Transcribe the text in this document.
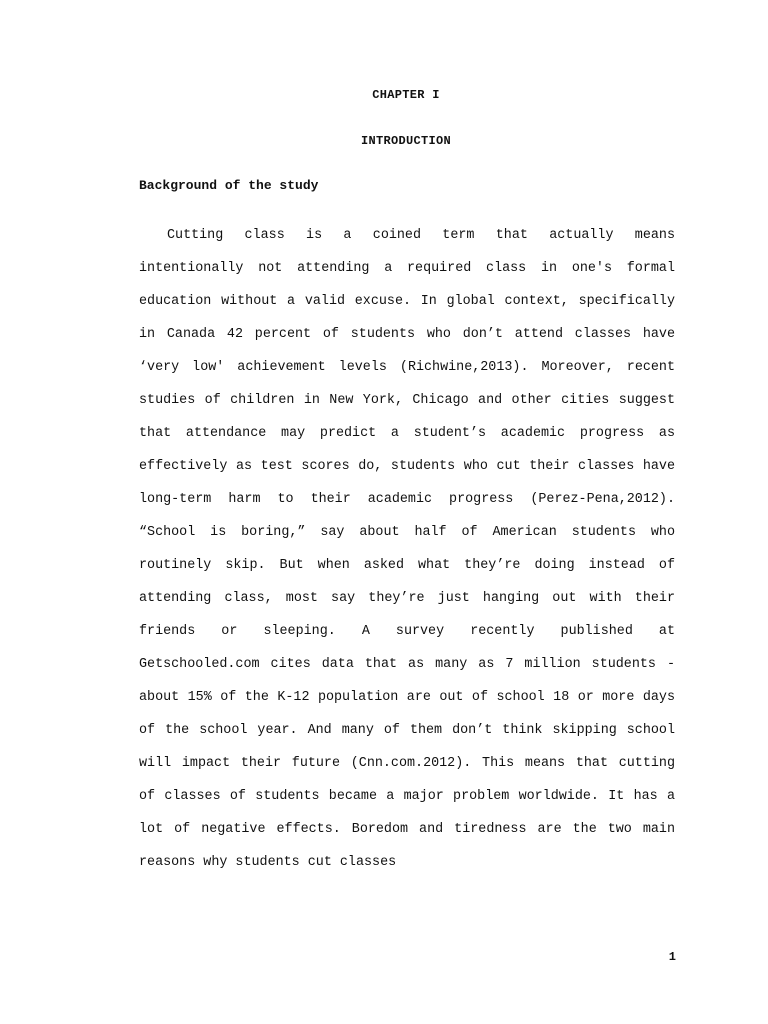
CHAPTER I
INTRODUCTION
Background of the study

Cutting class is a coined term that actually means intentionally not attending a required class in one's formal education without a valid excuse. In global context, specifically in Canada 42 percent of students who don’t attend classes have ‘very low' achievement levels (Richwine,2013). Moreover, recent studies of children in New York, Chicago and other cities suggest that attendance may predict a student’s academic progress as effectively as test scores do, students who cut their classes have long-term harm to their academic progress (Perez-Pena,2012). “School is boring,” say about half of American students who routinely skip. But when asked what they’re doing instead of attending class, most say they’re just hanging out with their friends or sleeping. A survey recently published at Getschooled.com cites data that as many as 7 million students - about 15% of the K-12 population are out of school 18 or more days of the school year. And many of them don’t think skipping school will impact their future (Cnn.com.2012). This means that cutting of classes of students became a major problem worldwide. It has a lot of negative effects. Boredom and tiredness are the two main reasons why students cut classes

1
